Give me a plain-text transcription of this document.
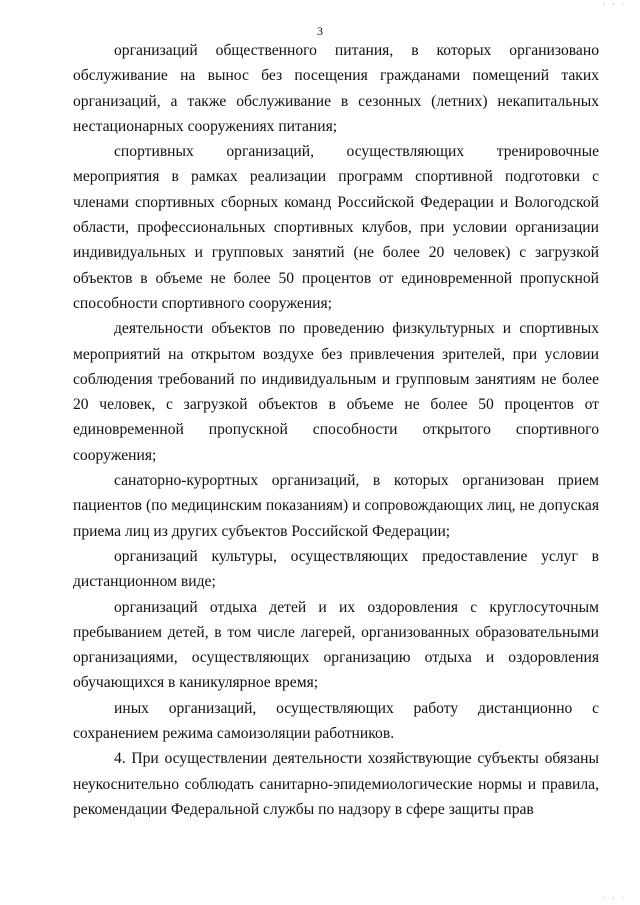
· · ·
3

организаций общественного питания, в которых организовано обслуживание на вынос без посещения гражданами помещений таких организаций, а также обслуживание в сезонных (летних) некапитальных нестационарных сооружениях питания;

спортивных организаций, осуществляющих тренировочные мероприятия в рамках реализации программ спортивной подготовки с членами спортивных сборных команд Российской Федерации и Вологодской области, профессиональных спортивных клубов, при условии организации индивидуальных и групповых занятий (не более 20 человек) с загрузкой объектов в объеме не более 50 процентов от единовременной пропускной способности спортивного сооружения;

деятельности объектов по проведению физкультурных и спортивных мероприятий на открытом воздухе без привлечения зрителей, при условии соблюдения требований по индивидуальным и групповым занятиям не более 20 человек, с загрузкой объектов в объеме не более 50 процентов от единовременной пропускной способности открытого спортивного сооружения;

санаторно-курортных организаций, в которых организован прием пациентов (по медицинским показаниям) и сопровождающих лиц, не допуская приема лиц из других субъектов Российской Федерации;

организаций культуры, осуществляющих предоставление услуг в дистанционном виде;

организаций отдыха детей и их оздоровления с круглосуточным пребыванием детей, в том числе лагерей, организованных образовательными организациями, осуществляющих организацию отдыха и оздоровления обучающихся в каникулярное время;

иных организаций, осуществляющих работу дистанционно с сохранением режима самоизоляции работников.

4. При осуществлении деятельности хозяйствующие субъекты обязаны неукоснительно соблюдать санитарно-эпидемиологические нормы и правила, рекомендации Федеральной службы по надзору в сфере защиты прав

· · ·
